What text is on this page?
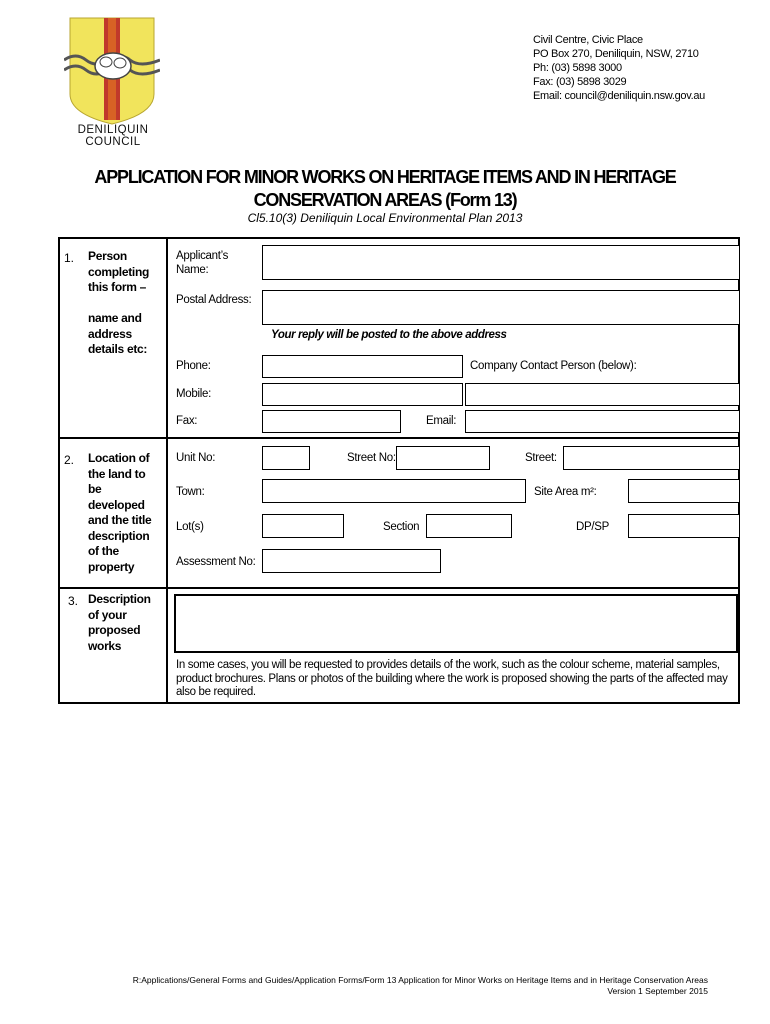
DENILIQUIN
COUNCIL
Civil Centre, Civic Place
PO Box 270, Deniliquin, NSW, 2710
Ph: (03) 5898 3000
Fax: (03) 5898 3029
Email: council@deniliquin.nsw.gov.au
APPLICATION FOR MINOR WORKS ON HERITAGE ITEMS AND IN HERITAGE
CONSERVATION AREAS (Form 13)
Cl5.10(3) Deniliquin Local Environmental Plan 2013
1. Person
completing
this form –
name and
address
details etc:
Applicant’s
Name:
Postal Address:
Your reply will be posted to the above address
Phone:	Company Contact Person (below):
Mobile:
Fax:	Email:
2. Location of
the land to
be
developed
and the title
description
of the
property
Unit No:	Street No:	Street:
Town:	Site Area m²:
Lot(s)	Section	DP/SP
Assessment No:
3. Description
of your
proposed
works
In some cases, you will be requested to provides details of the work, such as the colour scheme, material samples, product brochures. Plans or photos of the building where the work is proposed showing the parts of the affected may also be required.
R:Applications/General Forms and Guides/Application Forms/Form 13 Application for Minor Works on Heritage Items and in Heritage Conservation Areas
Version 1 September 2015
